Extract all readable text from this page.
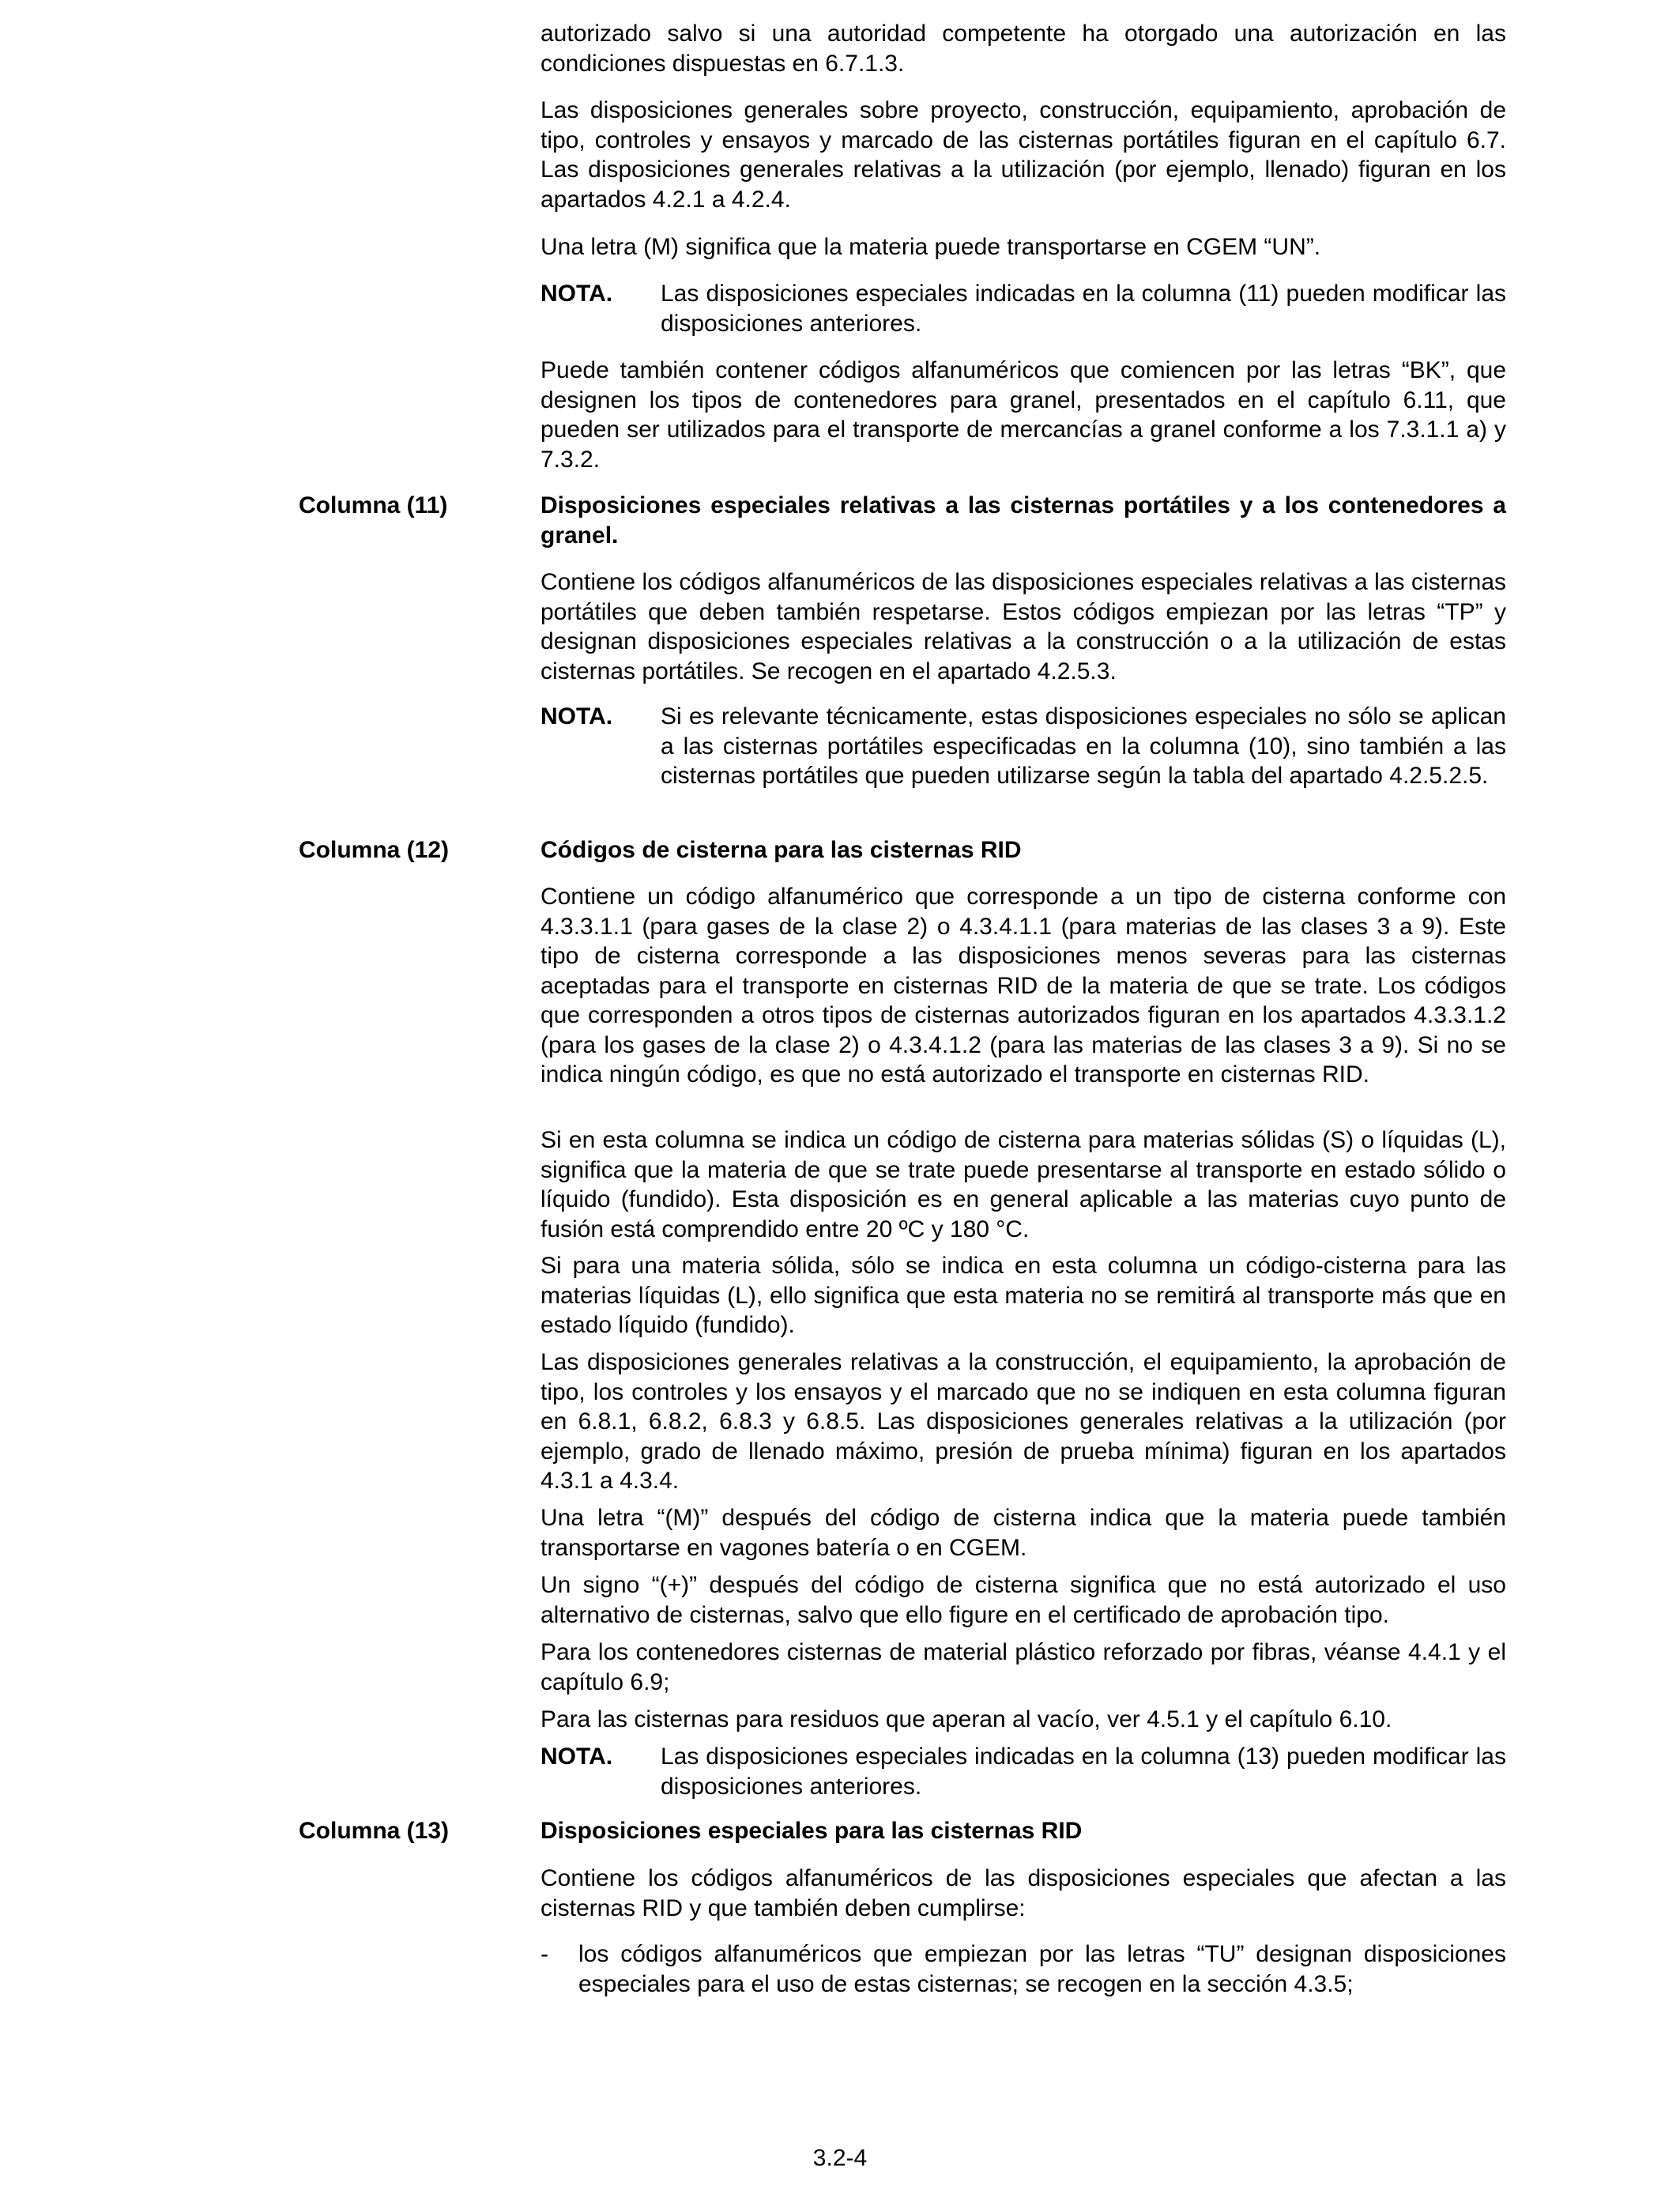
autorizado salvo si una autoridad competente ha otorgado una autorización en las condiciones dispuestas en 6.7.1.3.

Las disposiciones generales sobre proyecto, construcción, equipamiento, aprobación de tipo, controles y ensayos y marcado de las cisternas portátiles figuran en el capítulo 6.7. Las disposiciones generales relativas a la utilización (por ejemplo, llenado) figuran en los apartados 4.2.1 a 4.2.4.

Una letra (M) significa que la materia puede transportarse en CGEM “UN”.

NOTA.	Las disposiciones especiales indicadas en la columna (11) pueden modificar las disposiciones anteriores.

Puede también contener códigos alfanuméricos que comiencen por las letras “BK”, que designen los tipos de contenedores para granel, presentados en el capítulo 6.11, que pueden ser utilizados para el transporte de mercancías a granel conforme a los 7.3.1.1 a) y 7.3.2.

Columna (11)	Disposiciones especiales relativas a las cisternas portátiles y a los contenedores a granel.

Contiene los códigos alfanuméricos de las disposiciones especiales relativas a las cisternas portátiles que deben también respetarse. Estos códigos empiezan por las letras “TP” y designan disposiciones especiales relativas a la construcción o a la utilización de estas cisternas portátiles. Se recogen en el apartado 4.2.5.3.

NOTA.	Si es relevante técnicamente, estas disposiciones especiales no sólo se aplican a las cisternas portátiles especificadas en la columna (10), sino también a las cisternas portátiles que pueden utilizarse según la tabla del apartado 4.2.5.2.5.

Columna (12)	Códigos de cisterna para las cisternas RID

Contiene un código alfanumérico que corresponde a un tipo de cisterna conforme con 4.3.3.1.1 (para gases de la clase 2) o 4.3.4.1.1 (para materias de las clases 3 a 9). Este tipo de cisterna corresponde a las disposiciones menos severas para las cisternas aceptadas para el transporte en cisternas RID de la materia de que se trate. Los códigos que corresponden a otros tipos de cisternas autorizados figuran en los apartados 4.3.3.1.2 (para los gases de la clase 2) o 4.3.4.1.2 (para las materias de las clases 3 a 9). Si no se indica ningún código, es que no está autorizado el transporte en cisternas RID.

Si en esta columna se indica un código de cisterna para materias sólidas (S) o líquidas (L), significa que la materia de que se trate puede presentarse al transporte en estado sólido o líquido (fundido). Esta disposición es en general aplicable a las materias cuyo punto de fusión está comprendido entre 20 ºC y 180 °C.

Si para una materia sólida, sólo se indica en esta columna un código-cisterna para las materias líquidas (L), ello significa que esta materia no se remitirá al transporte más que en estado líquido (fundido).

Las disposiciones generales relativas a la construcción, el equipamiento, la aprobación de tipo, los controles y los ensayos y el marcado que no se indiquen en esta columna figuran en 6.8.1, 6.8.2, 6.8.3 y 6.8.5. Las disposiciones generales relativas a la utilización (por ejemplo, grado de llenado máximo, presión de prueba mínima) figuran en los apartados 4.3.1 a 4.3.4.

Una letra “(M)” después del código de cisterna indica que la materia puede también transportarse en vagones batería o en CGEM.

Un signo “(+)” después del código de cisterna significa que no está autorizado el uso alternativo de cisternas, salvo que ello figure en el certificado de aprobación tipo.

Para los contenedores cisternas de material plástico reforzado por fibras, véanse 4.4.1 y el capítulo 6.9;

Para las cisternas para residuos que aperan al vacío, ver 4.5.1 y el capítulo 6.10.

NOTA.	Las disposiciones especiales indicadas en la columna (13) pueden modificar las disposiciones anteriores.

Columna (13)	Disposiciones especiales para las cisternas RID

Contiene los códigos alfanuméricos de las disposiciones especiales que afectan a las cisternas RID y que también deben cumplirse:

- los códigos alfanuméricos que empiezan por las letras “TU” designan disposiciones especiales para el uso de estas cisternas; se recogen en la sección 4.3.5;

3.2-4
